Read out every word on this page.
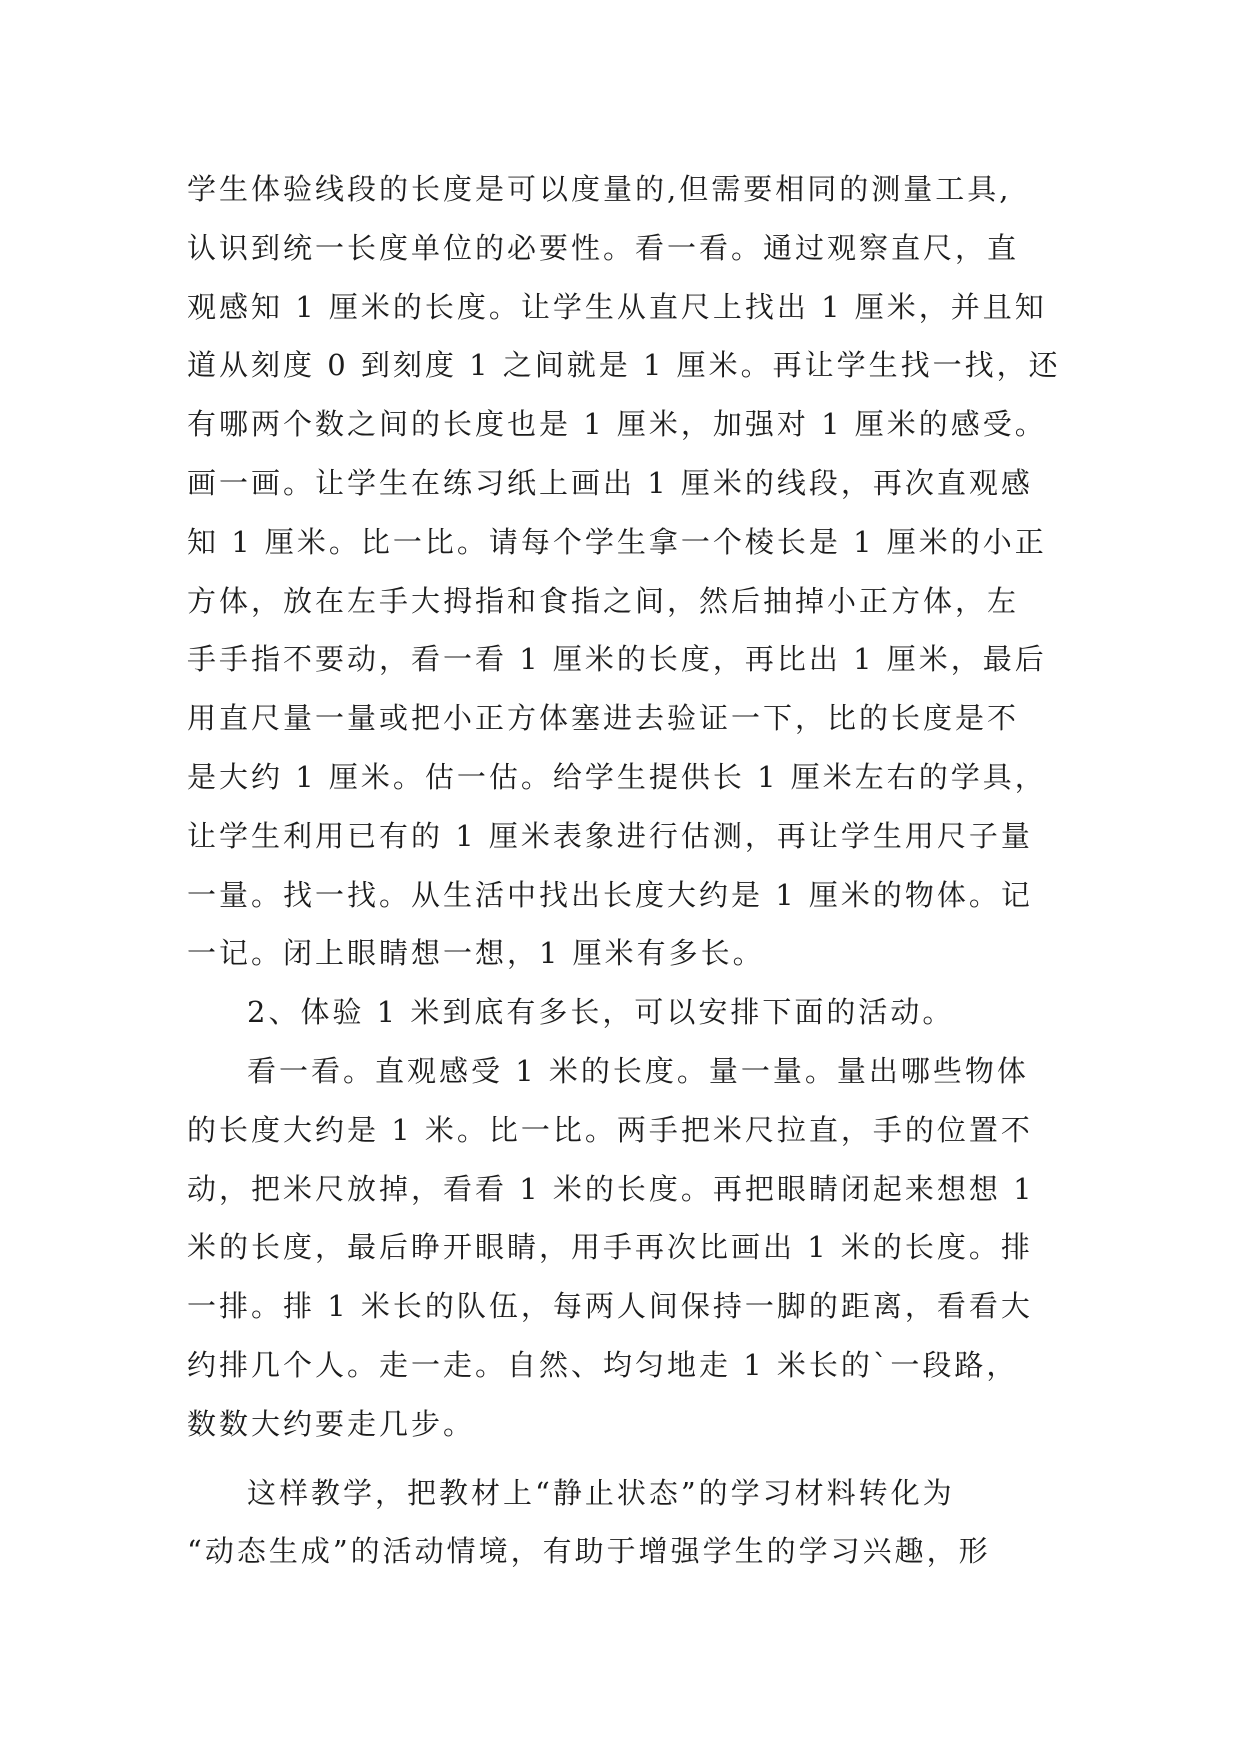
学生体验线段的长度是可以度量的,但需要相同的测量工具,
认识到统一长度单位的必要性。看一看。通过观察直尺，直
观感知 1 厘米的长度。让学生从直尺上找出 1 厘米，并且知
道从刻度 0 到刻度 1 之间就是 1 厘米。再让学生找一找，还
有哪两个数之间的长度也是 1 厘米，加强对 1 厘米的感受。
画一画。让学生在练习纸上画出 1 厘米的线段，再次直观感
知 1 厘米。比一比。请每个学生拿一个棱长是 1 厘米的小正
方体，放在左手大拇指和食指之间，然后抽掉小正方体，左
手手指不要动，看一看 1 厘米的长度，再比出 1 厘米，最后
用直尺量一量或把小正方体塞进去验证一下，比的长度是不
是大约 1 厘米。估一估。给学生提供长 1 厘米左右的学具，
让学生利用已有的 1 厘米表象进行估测，再让学生用尺子量
一量。找一找。从生活中找出长度大约是 1 厘米的物体。记
一记。闭上眼睛想一想，1 厘米有多长。
2、体验 1 米到底有多长，可以安排下面的活动。
看一看。直观感受 1 米的长度。量一量。量出哪些物体
的长度大约是 1 米。比一比。两手把米尺拉直，手的位置不
动，把米尺放掉，看看 1 米的长度。再把眼睛闭起来想想 1
米的长度，最后睁开眼睛，用手再次比画出 1 米的长度。排
一排。排 1 米长的队伍，每两人间保持一脚的距离，看看大
约排几个人。走一走。自然、均匀地走 1 米长的`一段路，
数数大约要走几步。
这样教学，把教材上“静止状态”的学习材料转化为
“动态生成”的活动情境，有助于增强学生的学习兴趣，形
